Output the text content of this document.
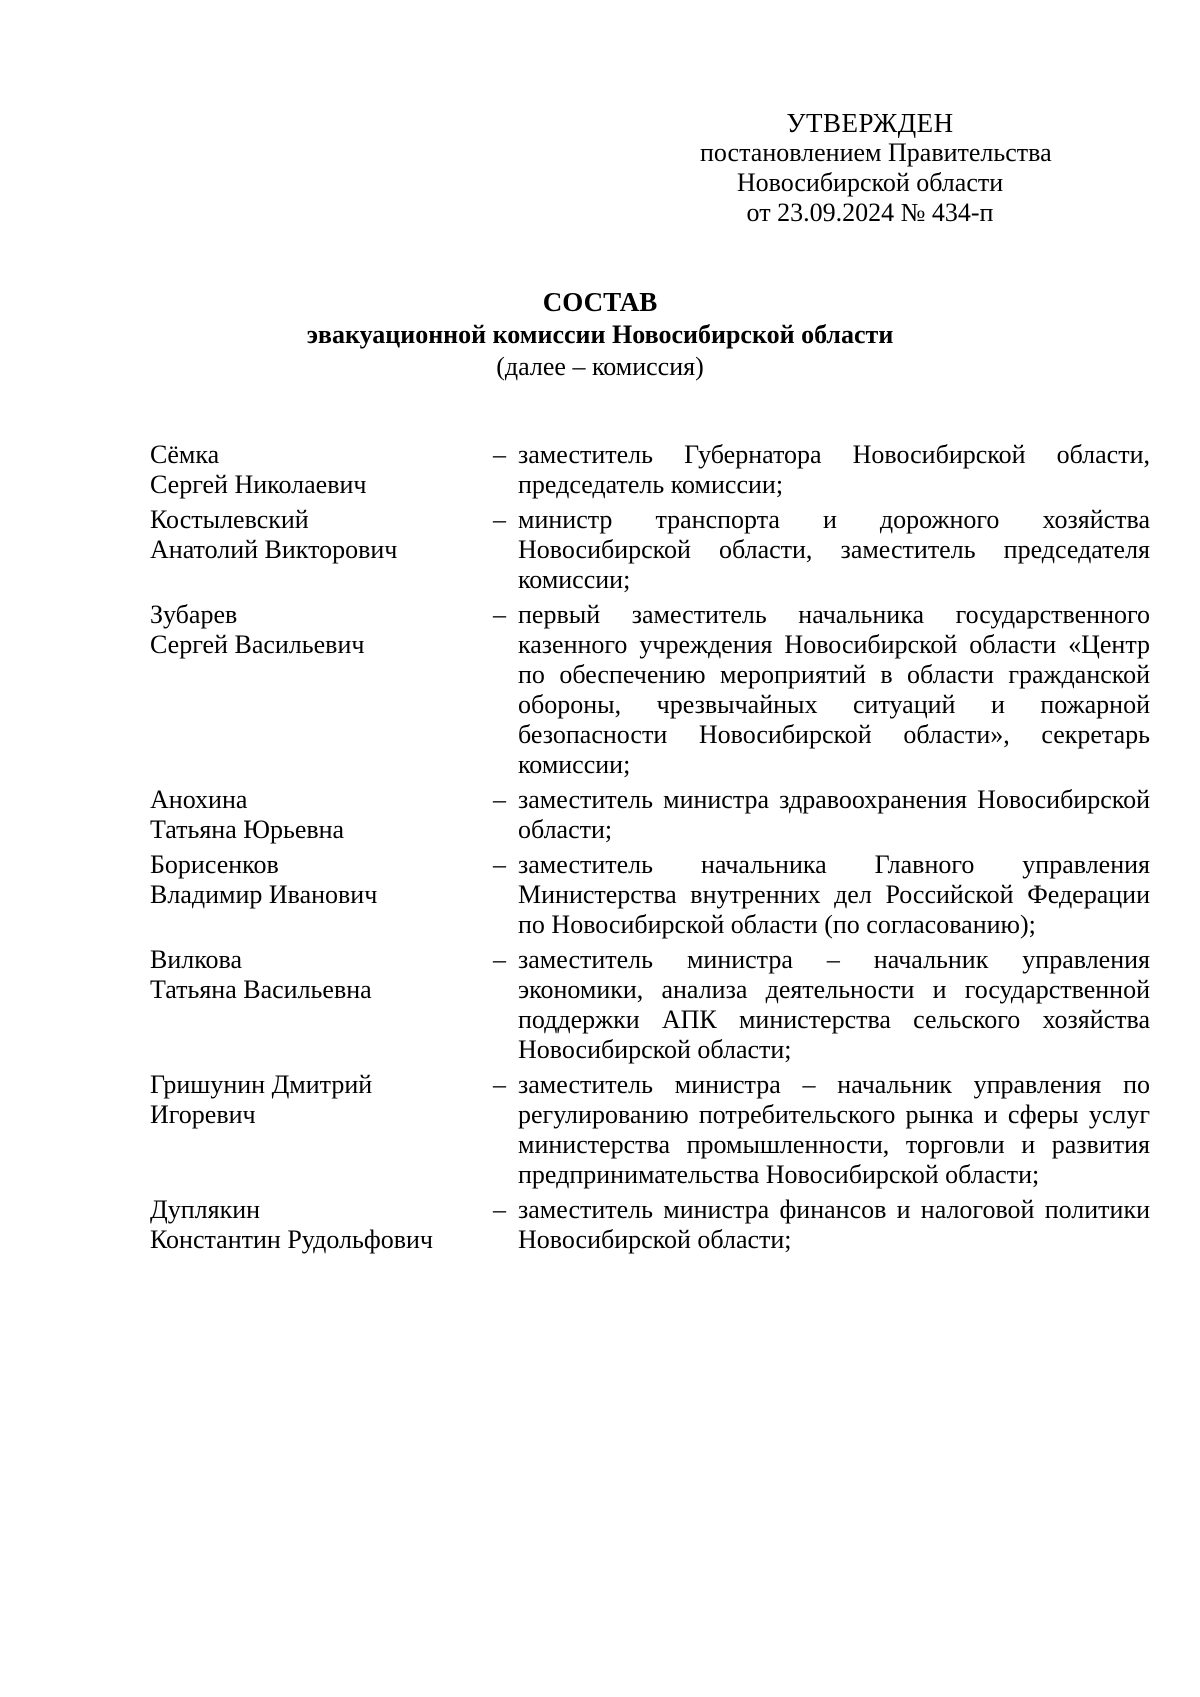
УТВЕРЖДЕН
постановлением Правительства
Новосибирской области
от 23.09.2024 № 434-п
СОСТАВ
эвакуационной комиссии Новосибирской области
(далее – комиссия)
Сёмка
Сергей Николаевич
– заместитель Губернатора Новосибирской области, председатель комиссии;
Костылевский
Анатолий Викторович
– министр транспорта и дорожного хозяйства Новосибирской области, заместитель председателя комиссии;
Зубарев
Сергей Васильевич
– первый заместитель начальника государственного казенного учреждения Новосибирской области «Центр по обеспечению мероприятий в области гражданской обороны, чрезвычайных ситуаций и пожарной безопасности Новосибирской области», секретарь комиссии;
Анохина
Татьяна Юрьевна
– заместитель министра здравоохранения Новосибирской области;
Борисенков
Владимир Иванович
– заместитель начальника Главного управления Министерства внутренних дел Российской Федерации по Новосибирской области (по согласованию);
Вилкова
Татьяна Васильевна
– заместитель министра – начальник управления экономики, анализа деятельности и государственной поддержки АПК министерства сельского хозяйства Новосибирской области;
Гришунин Дмитрий
Игоревич
– заместитель министра – начальник управления по регулированию потребительского рынка и сферы услуг министерства промышленности, торговли и развития предпринимательства Новосибирской области;
Дуплякин
Константин Рудольфович
– заместитель министра финансов и налоговой политики Новосибирской области;
